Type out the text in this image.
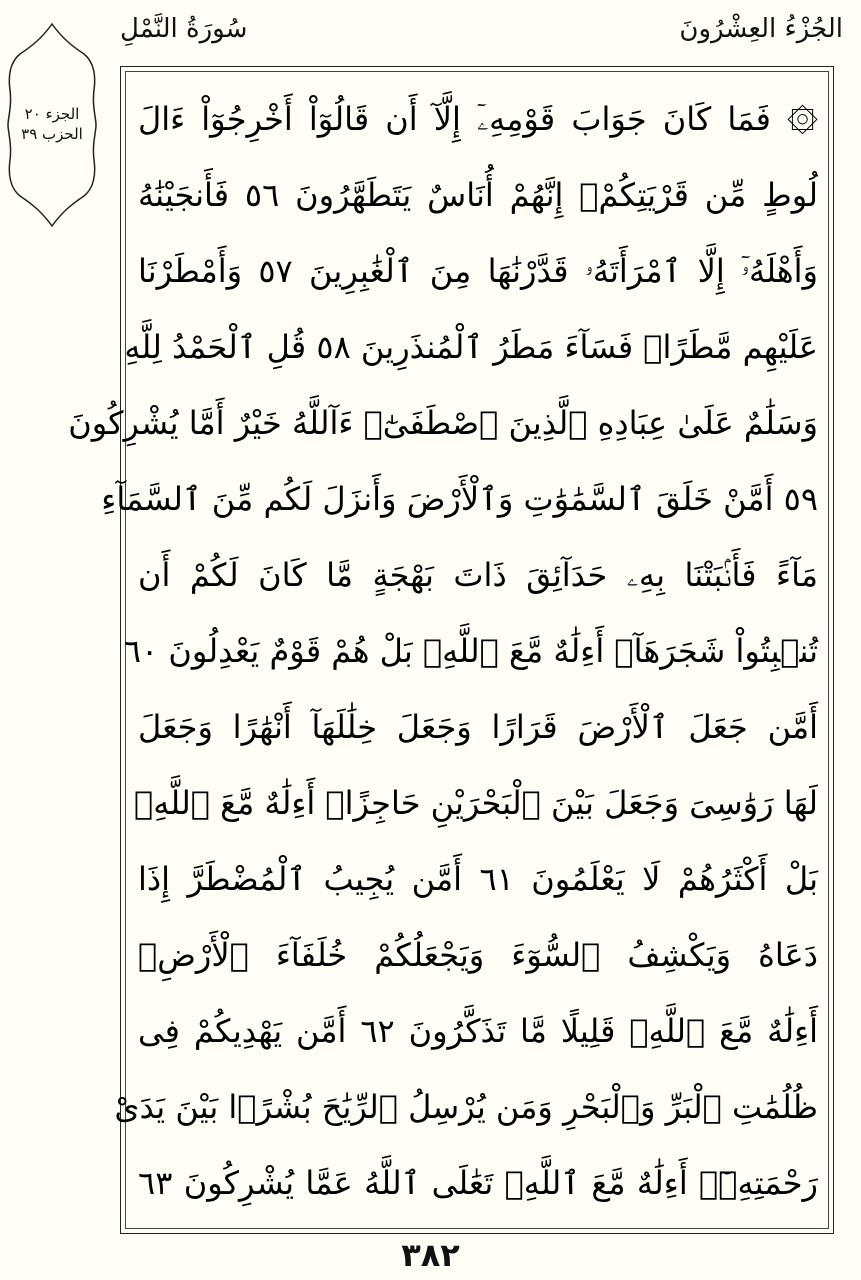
الجُزْءُ العِشْرُونَ
سُورَةُ النَّمْلِ
الجزء ٢٠
الحزب ٣٩	۞ فَمَا كَانَ جَوَابَ قَوْمِهِۦٓ إِلَّآ أَن قَالُوٓاْ أَخْرِجُوٓاْ ءَالَ
لُوطٍ مِّن قَرْيَتِكُمْۖ إِنَّهُمْ أُنَاسٌ يَتَطَهَّرُونَ ٥٦ فَأَنجَيْنَٰهُ
وَأَهْلَهُۥٓ إِلَّا ٱمْرَأَتَهُۥ قَدَّرْنَٰهَا مِنَ ٱلْغَٰبِرِينَ ٥٧ وَأَمْطَرْنَا
عَلَيْهِم مَّطَرًاۖ فَسَآءَ مَطَرُ ٱلْمُنذَرِينَ ٥٨ قُلِ ٱلْحَمْدُ لِلَّهِ
وَسَلَٰمٌ عَلَىٰ عِبَادِهِ ٱلَّذِينَ ٱصْطَفَىٰٓۗ ءَآللَّهُ خَيْرٌ أَمَّا يُشْرِكُونَ
٥٩ أَمَّنْ خَلَقَ ٱلسَّمَٰوَٰتِ وَٱلْأَرْضَ وَأَنزَلَ لَكُم مِّنَ ٱلسَّمَآءِ
مَآءً فَأَنۢبَتْنَا بِهِۦ حَدَآئِقَ ذَاتَ بَهْجَةٍ مَّا كَانَ لَكُمْ أَن
تُنۢبِتُواْ شَجَرَهَآۗ أَءِلَٰهٌ مَّعَ ٱللَّهِۚ بَلْ هُمْ قَوْمٌ يَعْدِلُونَ ٦٠
أَمَّن جَعَلَ ٱلْأَرْضَ قَرَارًا وَجَعَلَ خِلَٰلَهَآ أَنْهَٰرًا وَجَعَلَ
لَهَا رَوَٰسِىَ وَجَعَلَ بَيْنَ ٱلْبَحْرَيْنِ حَاجِزًاۗ أَءِلَٰهٌ مَّعَ ٱللَّهِۚ
بَلْ أَكْثَرُهُمْ لَا يَعْلَمُونَ ٦١ أَمَّن يُجِيبُ ٱلْمُضْطَرَّ إِذَا
دَعَاهُ وَيَكْشِفُ ٱلسُّوٓءَ وَيَجْعَلُكُمْ خُلَفَآءَ ٱلْأَرْضِۗ
أَءِلَٰهٌ مَّعَ ٱللَّهِۚ قَلِيلًا مَّا تَذَكَّرُونَ ٦٢ أَمَّن يَهْدِيكُمْ فِى
ظُلُمَٰتِ ٱلْبَرِّ وَٱلْبَحْرِ وَمَن يُرْسِلُ ٱلرِّيَٰحَ بُشْرًۢا بَيْنَ يَدَىْ
رَحْمَتِهِۦٓۗ أَءِلَٰهٌ مَّعَ ٱللَّهِۚ تَعَٰلَى ٱللَّهُ عَمَّا يُشْرِكُونَ ٦٣
٣٨٢
